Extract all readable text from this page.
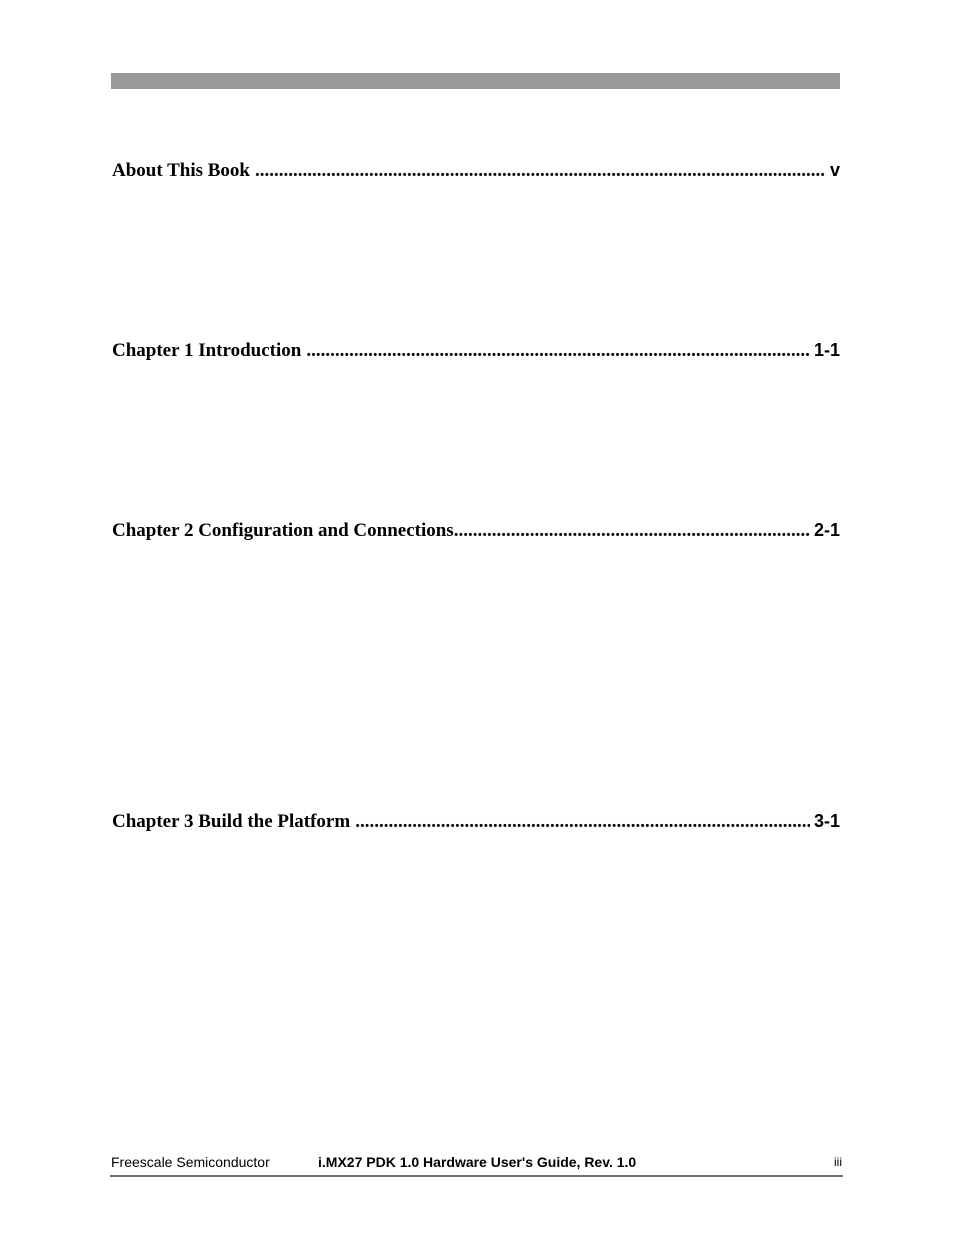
About This Book .....	v
Chapter 1 Introduction .....	1-1
Chapter 2 Configuration and Connections .....	2-1
Chapter 3 Build the Platform .....	3-1
Freescale Semiconductor	i.MX27 PDK 1.0 Hardware User's Guide, Rev. 1.0	iii
